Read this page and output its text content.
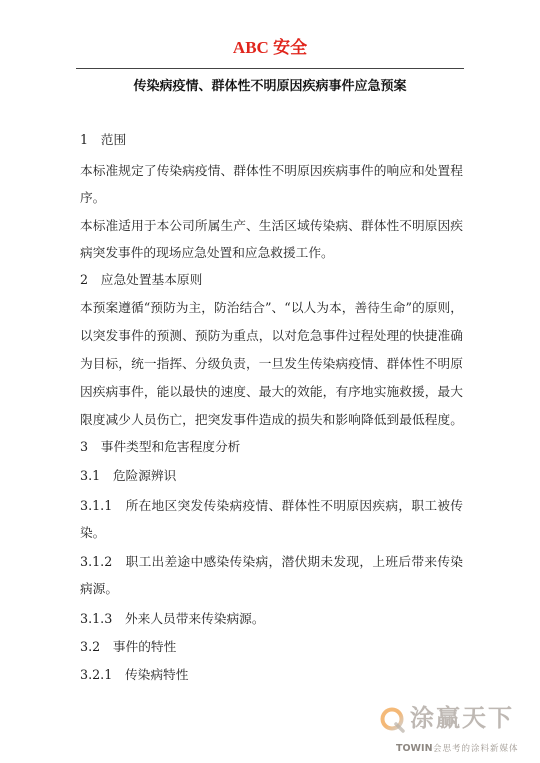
ABC 安全
传染病疫情、群体性不明原因疾病事件应急预案
1　范围
本标准规定了传染病疫情、群体性不明原因疾病事件的响应和处置程
序。
本标准适用于本公司所属生产、生活区域传染病、群体性不明原因疾
病突发事件的现场应急处置和应急救援工作。
2　应急处置基本原则
本预案遵循“预防为主，防治结合”、“以人为本，善待生命”的原则，
以突发事件的预测、预防为重点，以对危急事件过程处理的快捷准确
为目标，统一指挥、分级负责，一旦发生传染病疫情、群体性不明原
因疾病事件，能以最快的速度、最大的效能，有序地实施救援，最大
限度减少人员伤亡，把突发事件造成的损失和影响降低到最低程度。
3　事件类型和危害程度分析
3.1　危险源辨识
3.1.1　所在地区突发传染病疫情、群体性不明原因疾病，职工被传
染。
3.1.2　职工出差途中感染传染病，潜伏期未发现，上班后带来传染
病源。
3.1.3　外来人员带来传染病源。
3.2　事件的特性
3.2.1　传染病特性
涂赢天下
TOWIN 会思考的涂料新媒体
